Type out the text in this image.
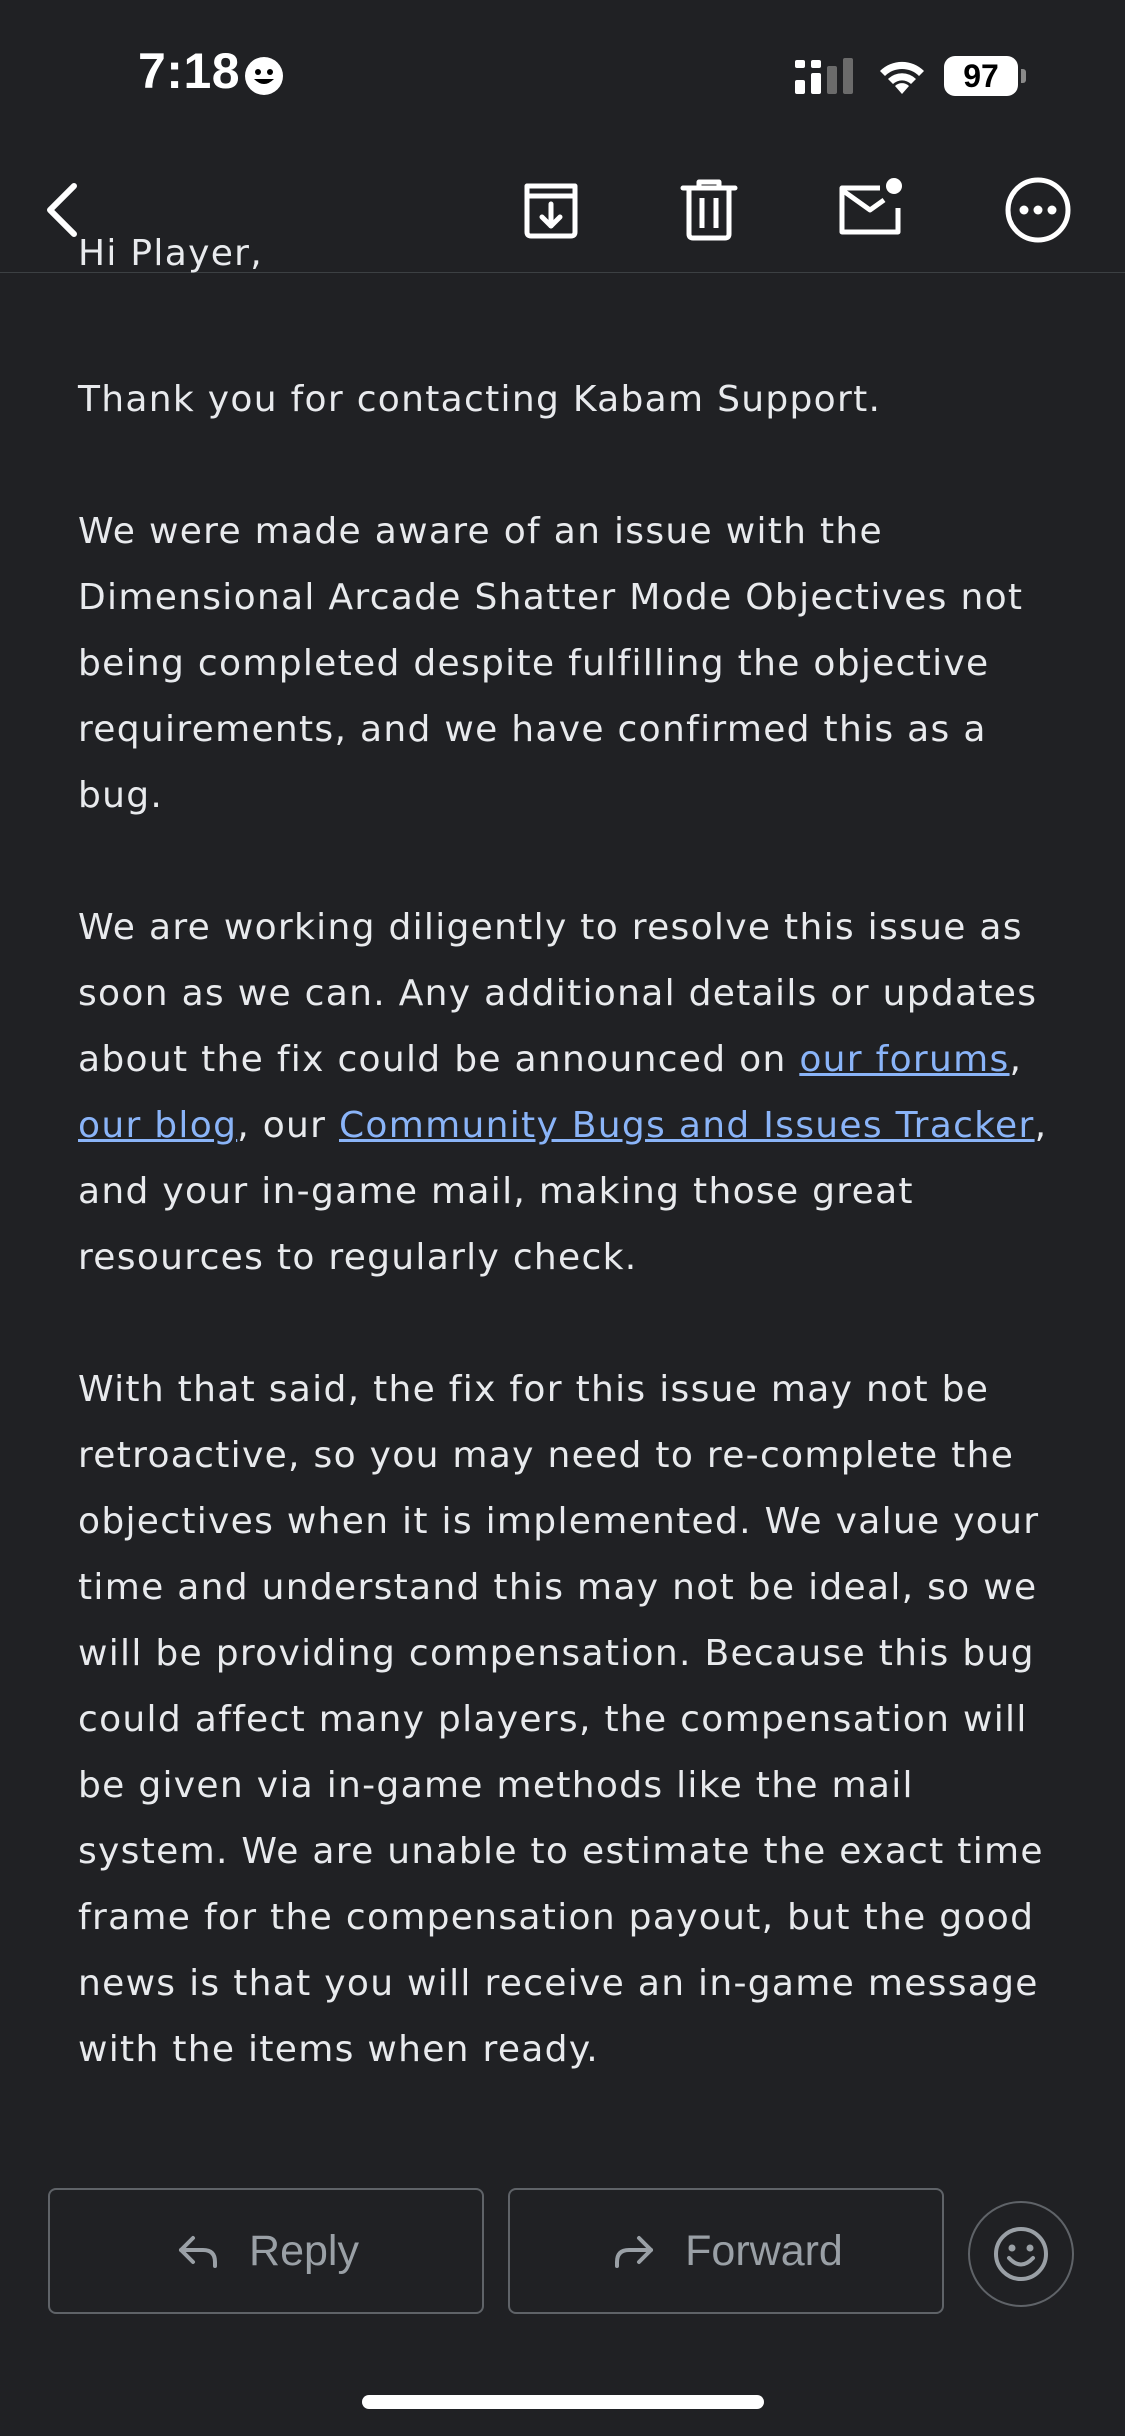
7:18	97

Hi Player,

Thank you for contacting Kabam Support.

We were made aware of an issue with the Dimensional Arcade Shatter Mode Objectives not being completed despite fulfilling the objective requirements, and we have confirmed this as a bug.

We are working diligently to resolve this issue as soon as we can. Any additional details or updates about the fix could be announced on our forums, our blog, our Community Bugs and Issues Tracker, and your in-game mail, making those great resources to regularly check.

With that said, the fix for this issue may not be retroactive, so you may need to re-complete the objectives when it is implemented. We value your time and understand this may not be ideal, so we will be providing compensation. Because this bug could affect many players, the compensation will be given via in-game methods like the mail system. We are unable to estimate the exact time frame for the compensation payout, but the good news is that you will receive an in-game message with the items when ready.

Reply	Forward
